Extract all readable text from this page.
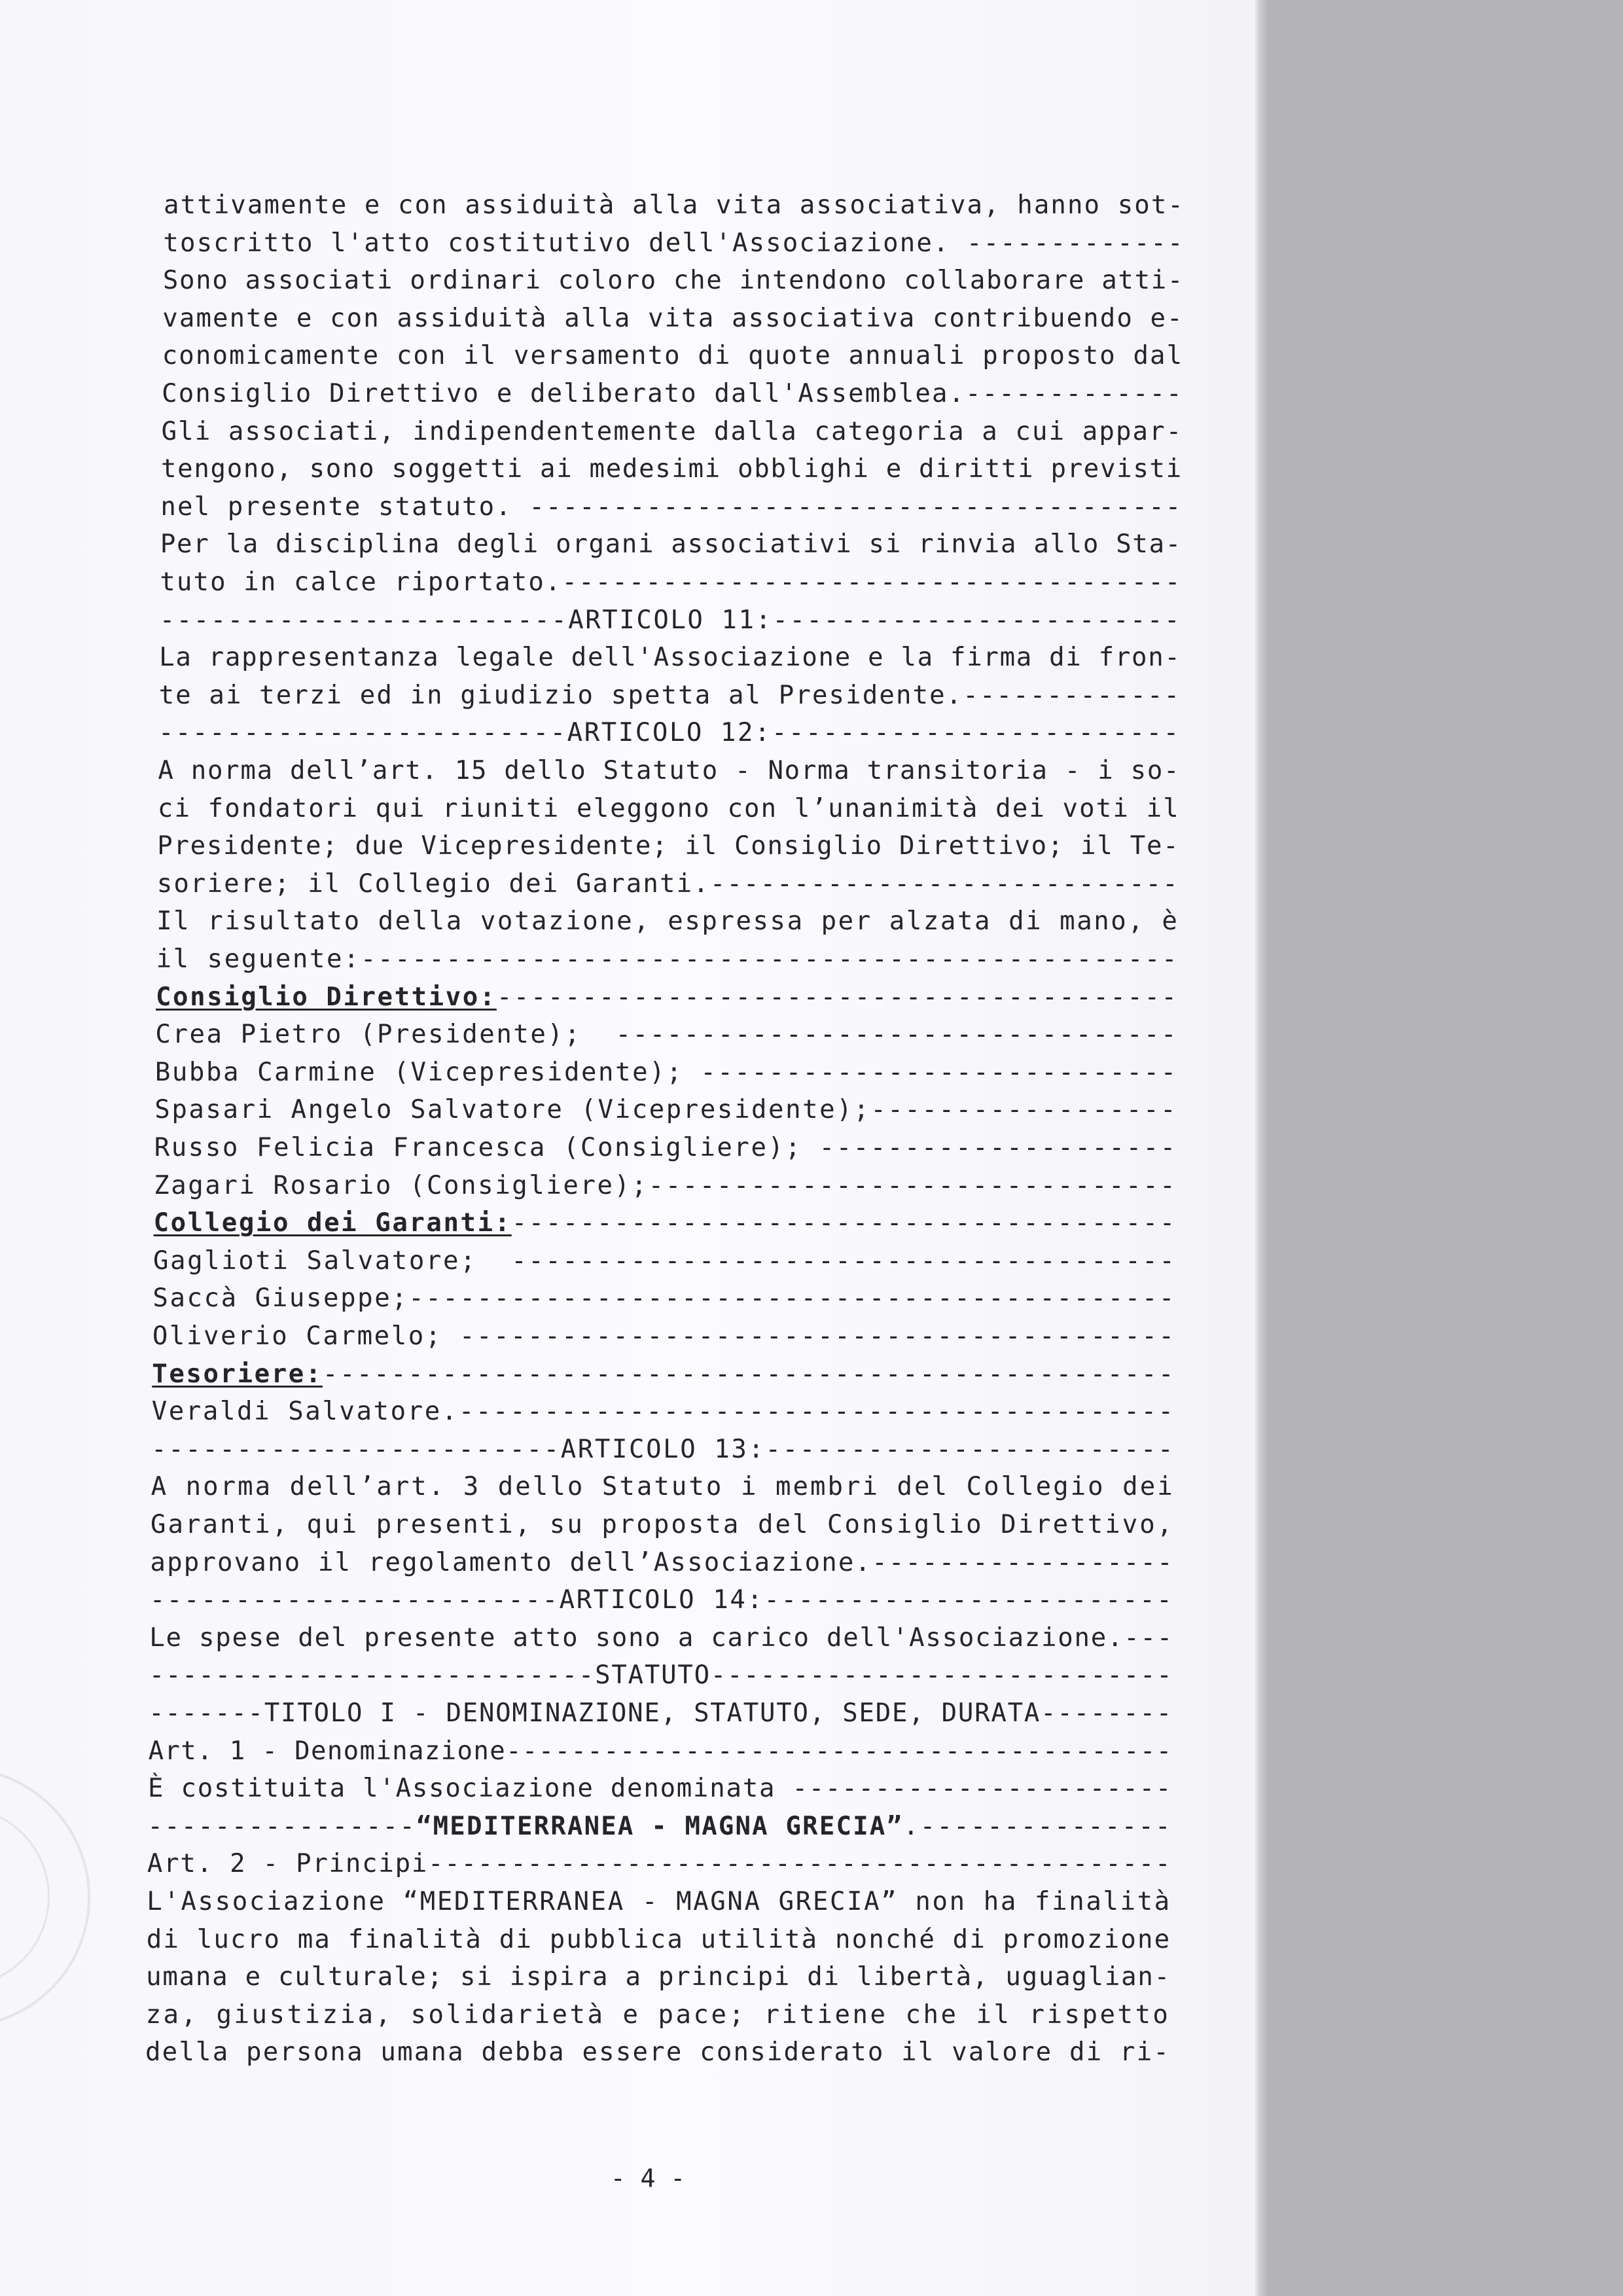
attivamente e con assiduità alla vita associativa, hanno sot-
toscritto l'atto costitutivo dell'Associazione. -------------
Sono associati ordinari coloro che intendono collaborare atti-
vamente e con assiduità alla vita associativa contribuendo e-
conomicamente con il versamento di quote annuali proposto dal
Consiglio Direttivo e deliberato dall'Assemblea.-------------
Gli associati, indipendentemente dalla categoria a cui appar-
tengono, sono soggetti ai medesimi obblighi e diritti previsti
nel presente statuto. ---------------------------------------
Per la disciplina degli organi associativi si rinvia allo Sta-
tuto in calce riportato.-------------------------------------
------------------------ARTICOLO 11:------------------------
La rappresentanza legale dell'Associazione e la firma di fron-
te ai terzi ed in giudizio spetta al Presidente.-------------
------------------------ARTICOLO 12:------------------------
A norma dell’art. 15 dello Statuto - Norma transitoria - i so-
ci fondatori qui riuniti eleggono con l’unanimità dei voti il
Presidente; due Vicepresidente; il Consiglio Direttivo; il Te-
soriere; il Collegio dei Garanti.----------------------------
Il risultato della votazione, espressa per alzata di mano, è
il seguente:------------------------------------------------
Consiglio Direttivo:----------------------------------------
Crea Pietro (Presidente);  ---------------------------------
Bubba Carmine (Vicepresidente); ----------------------------
Spasari Angelo Salvatore (Vicepresidente);------------------
Russo Felicia Francesca (Consigliere); ---------------------
Zagari Rosario (Consigliere);-------------------------------
Collegio dei Garanti:---------------------------------------
Gaglioti Salvatore;  ---------------------------------------
Saccà Giuseppe;---------------------------------------------
Oliverio Carmelo; ------------------------------------------
Tesoriere:--------------------------------------------------
Veraldi Salvatore.------------------------------------------
------------------------ARTICOLO 13:------------------------
A norma dell’art. 3 dello Statuto i membri del Collegio dei
Garanti, qui presenti, su proposta del Consiglio Direttivo,
approvano il regolamento dell’Associazione.------------------
------------------------ARTICOLO 14:------------------------
Le spese del presente atto sono a carico dell'Associazione.---
---------------------------STATUTO----------------------------
-------TITOLO I - DENOMINAZIONE, STATUTO, SEDE, DURATA--------
Art. 1 - Denominazione-----------------------------------------
È costituita l'Associazione denominata -----------------------
----------------“MEDITERRANEA - MAGNA GRECIA”.---------------
Art. 2 - Principi---------------------------------------------
L'Associazione “MEDITERRANEA - MAGNA GRECIA” non ha finalità
di lucro ma finalità di pubblica utilità nonché di promozione
umana e culturale; si ispira a principi di libertà, uguaglian-
za, giustizia, solidarietà e pace; ritiene che il rispetto
della persona umana debba essere considerato il valore di ri-
- 4 -
